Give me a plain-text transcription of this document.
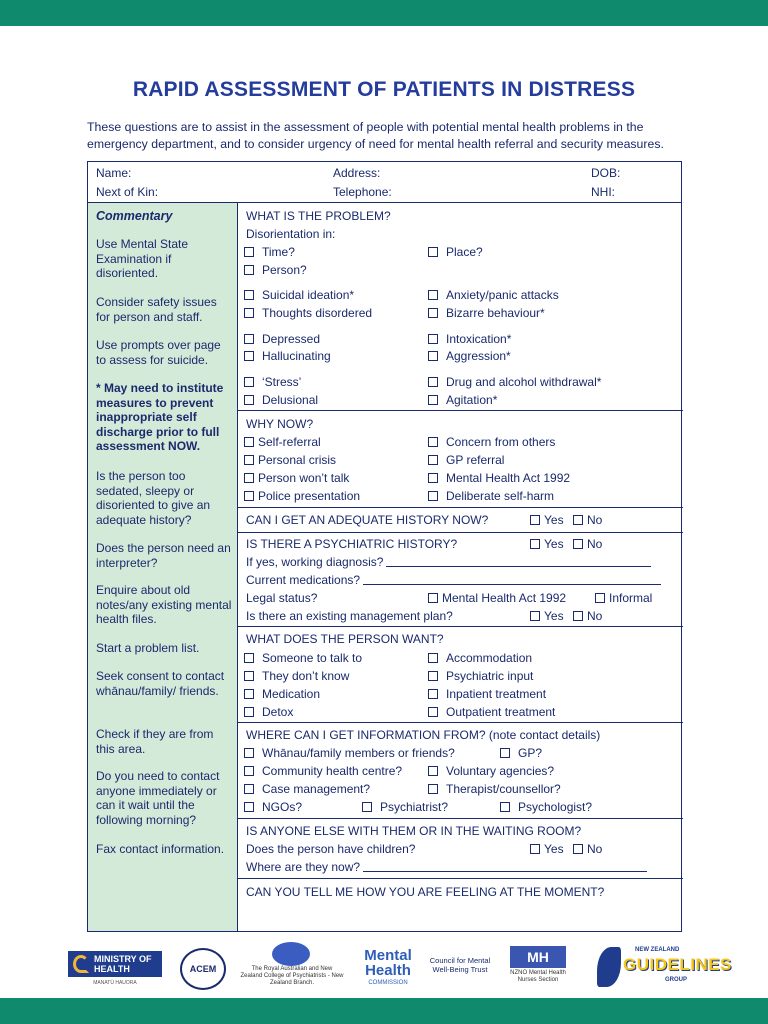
RAPID ASSESSMENT OF PATIENTS IN DISTRESS
These questions are to assist in the assessment of people with potential mental health problems in the emergency department, and to consider urgency of need for mental health referral and security measures.
Name:	Address:	DOB:
Next of Kin:	Telephone:	NHI:
Commentary
Use Mental State Examination if disoriented.
Consider safety issues for person and staff.
Use prompts over page to assess for suicide.
* May need to institute measures to prevent inappropriate self discharge prior to full assessment NOW.
Is the person too sedated, sleepy or disoriented to give an adequate history?
Does the person need an interpreter?
Enquire about old notes/any existing mental health files.
Start a problem list.
Seek consent to contact whānau/family/ friends.
Check if they are from this area.
Do you need to contact anyone immediately or can it wait until the following morning?
Fax contact information.
WHAT IS THE PROBLEM?
Disorientation in:
Time?	Place?
Person?
Suicidal ideation*	Anxiety/panic attacks
Thoughts disordered	Bizarre behaviour*
Depressed	Intoxication*
Hallucinating	Aggression*
‘Stress’	Drug and alcohol withdrawal*
Delusional	Agitation*
WHY NOW?
Self-referral	Concern from others
Personal crisis	GP referral
Person won’t talk	Mental Health Act 1992
Police presentation	Deliberate self-harm
CAN I GET AN ADEQUATE HISTORY NOW?	Yes	No
IS THERE A PSYCHIATRIC HISTORY?	Yes	No
If yes, working diagnosis?
Current medications?
Legal status?	Mental Health Act 1992	Informal
Is there an existing management plan?	Yes	No
WHAT DOES THE PERSON WANT?
Someone to talk to	Accommodation
They don’t know	Psychiatric input
Medication	Inpatient treatment
Detox	Outpatient treatment
WHERE CAN I GET INFORMATION FROM? (note contact details)
Whānau/family members or friends?	GP?
Community health centre?	Voluntary agencies?
Case management?	Therapist/counsellor?
NGOs?	Psychiatrist?	Psychologist?
IS ANYONE ELSE WITH THEM OR IN THE WAITING ROOM?
Does the person have children?	Yes	No
Where are they now?
CAN YOU TELL ME HOW YOU ARE FEELING AT THE MOMENT?
MINISTRY OF HEALTH
MANATŪ HAUORA
ACEM	The Royal Australian and New Zealand College of Psychiatrists - New Zealand Branch.
Mental
Health
COMMISSION
Council for Mental Well-Being Trust
MH
NZNO Mental Health Nurses Section
NEW ZEALAND
GUIDELINES
GROUP
